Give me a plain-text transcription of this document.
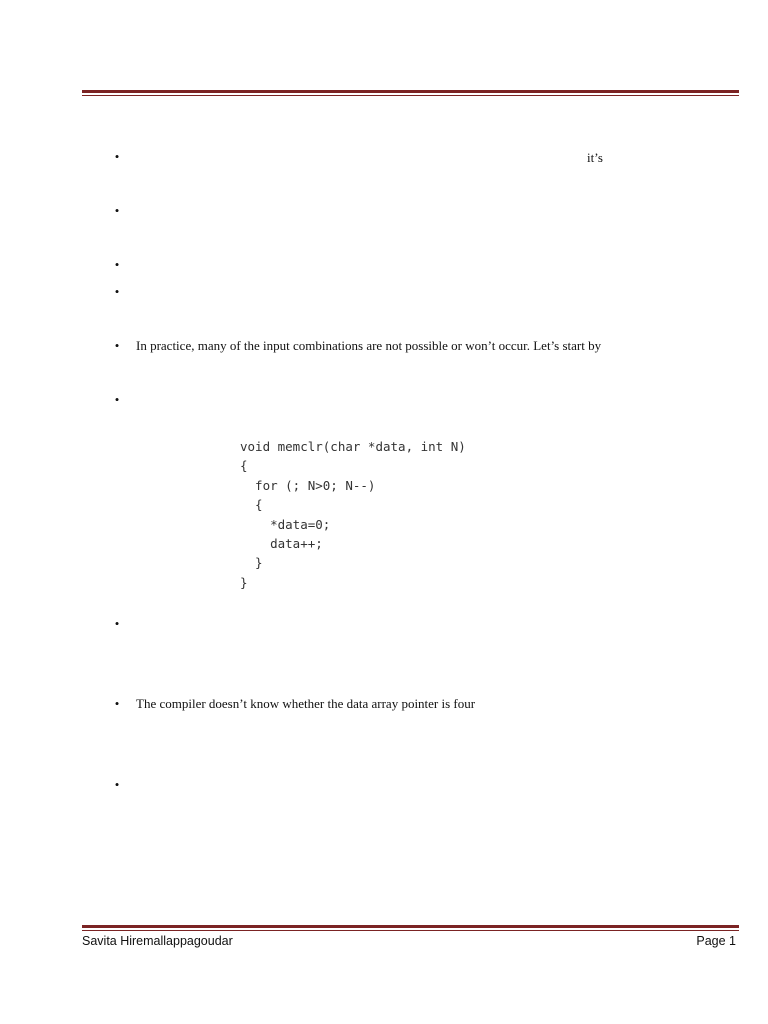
•	it’s
•
•
•
• In practice, many of the input combinations are not possible or won’t occur. Let’s start by
•
void memclr(char *data, int N)
{
for (; N>0; N--)
{
*data=0;
data++;
}
}
•
• The compiler doesn’t know whether the data array pointer is four
•
Savita Hiremallappagoudar	Page 1
